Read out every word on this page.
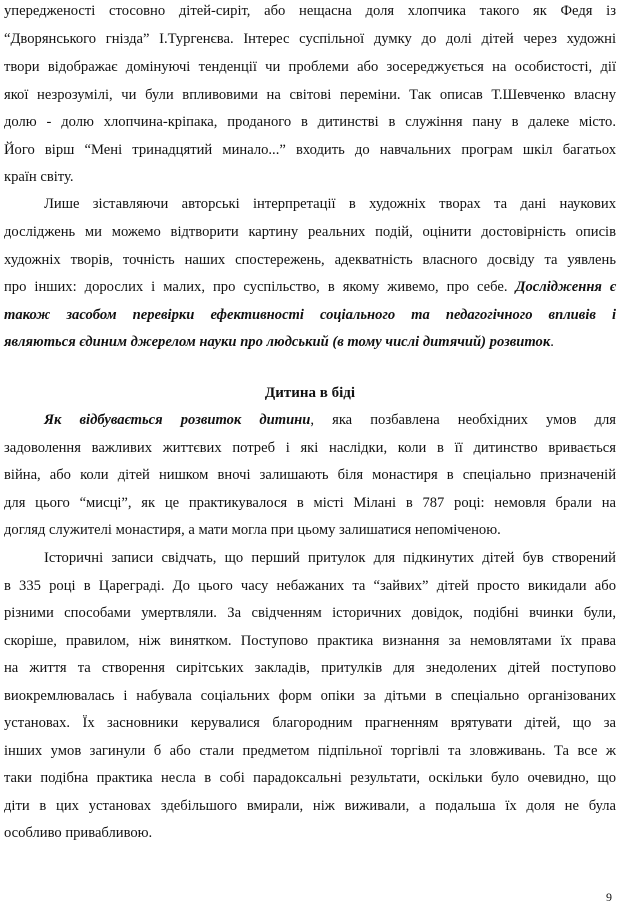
упередженості стосовно дітей-сиріт, або нещасна доля хлопчика такого як Федя із
“Дворянського гнізда” І.Тургенєва. Інтерес суспільної думку до долі дітей через художні
твори відображає домінуючі тенденції чи проблеми або зосереджується на особистості, дії
якої незрозумілі, чи були впливовими на світові переміни. Так описав Т.Шевченко власну
долю - долю хлопчина-кріпака, проданого в дитинстві в служіння пану в далеке місто.
Його вірш “Мені тринадцятий минало...” входить до навчальних програм шкіл багатьох
країн світу.
Лише зіставляючи авторські інтерпретації в художніх творах та дані наукових
досліджень ми можемо відтворити картину реальних подій, оцінити достовірність описів
художніх творів, точність наших спостережень, адекватність власного досвіду та уявлень
про інших: дорослих і малих, про суспільство, в якому живемо, про себе. Дослідження є
також засобом перевірки ефективності соціального та педагогічного впливів і
являються єдиним джерелом науки про людський (в тому числі дитячий) розвиток.
Дитина в біді
Як відбувається розвиток дитини, яка позбавлена необхідних умов для
задоволення важливих життєвих потреб і які наслідки, коли в її дитинство вривається
війна, або коли дітей нишком вночі залишають біля монастиря в спеціально призначеній
для цього “мисці”, як це практикувалося в місті Мілані в 787 році: немовля брали на
догляд служителі монастиря, а мати могла при цьому залишатися непоміченою.
Історичні записи свідчать, що перший притулок для підкинутих дітей був створений
в 335 році в Цареграді. До цього часу небажаних та “зайвих” дітей просто викидали або
різними способами умертвляли. За свідченням історичних довідок, подібні вчинки були,
скоріше, правилом, ніж винятком. Поступово практика визнання за немовлятами їх права
на життя та створення сирітських закладів, притулків для знедолених дітей поступово
виокремлювалась і набувала соціальних форм опіки за дітьми в спеціально організованих
установах. Їх засновники керувалися благородним прагненням врятувати дітей, що за
інших умов загинули б або стали предметом підпільної торгівлі та зловживань. Та все ж
таки подібна практика несла в собі парадоксальні результати, оскільки було очевидно, що
діти в цих установах здебільшого вмирали, ніж виживали, а подальша їх доля не була
особливо привабливою.
9
